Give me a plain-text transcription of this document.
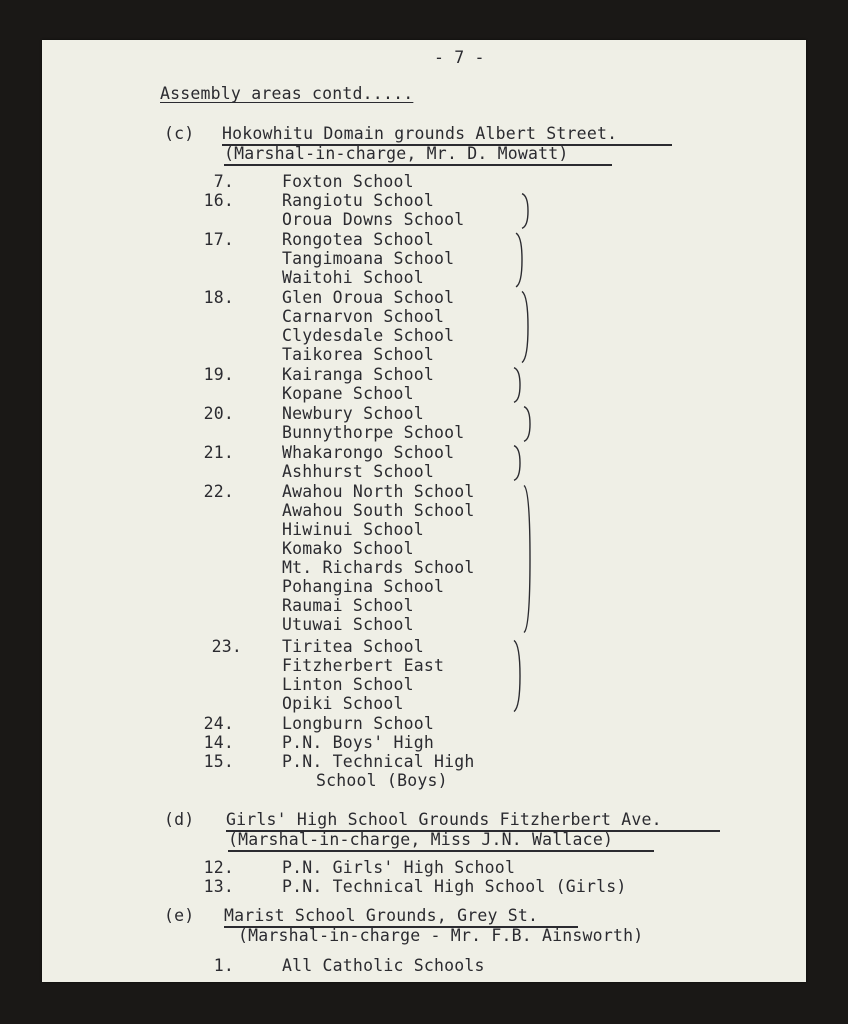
- 7 -
Assembly areas contd.....
(c) Hokowhitu Domain grounds Albert Street.
(Marshal-in-charge, Mr. D. Mowatt)
7.	Foxton School
16.	Rangiotu School
Oroua Downs School
17.	Rongotea School
Tangimoana School
Waitohi School
18.	Glen Oroua School
Carnarvon School
Clydesdale School
Taikorea School
19.	Kairanga School
Kopane School
20.	Newbury School
Bunnythorpe School
21.	Whakarongo School
Ashhurst School
22.	Awahou North School
Awahou South School
Hiwinui School
Komako School
Mt. Richards School
Pohangina School
Raumai School
Utuwai School
23. Tiritea School
Fitzherbert East
Linton School
Opiki School
24.	Longburn School
14.	P.N. Boys' High
15.	P.N. Technical High
School (Boys)
(d) Girls' High School Grounds Fitzherbert Ave.
(Marshal-in-charge, Miss J.N. Wallace)
12.	P.N. Girls' High School
13.	P.N. Technical High School (Girls)
(e) Marist School Grounds, Grey St.
(Marshal-in-charge - Mr. F.B. Ainsworth)
1.	All Catholic Schools
